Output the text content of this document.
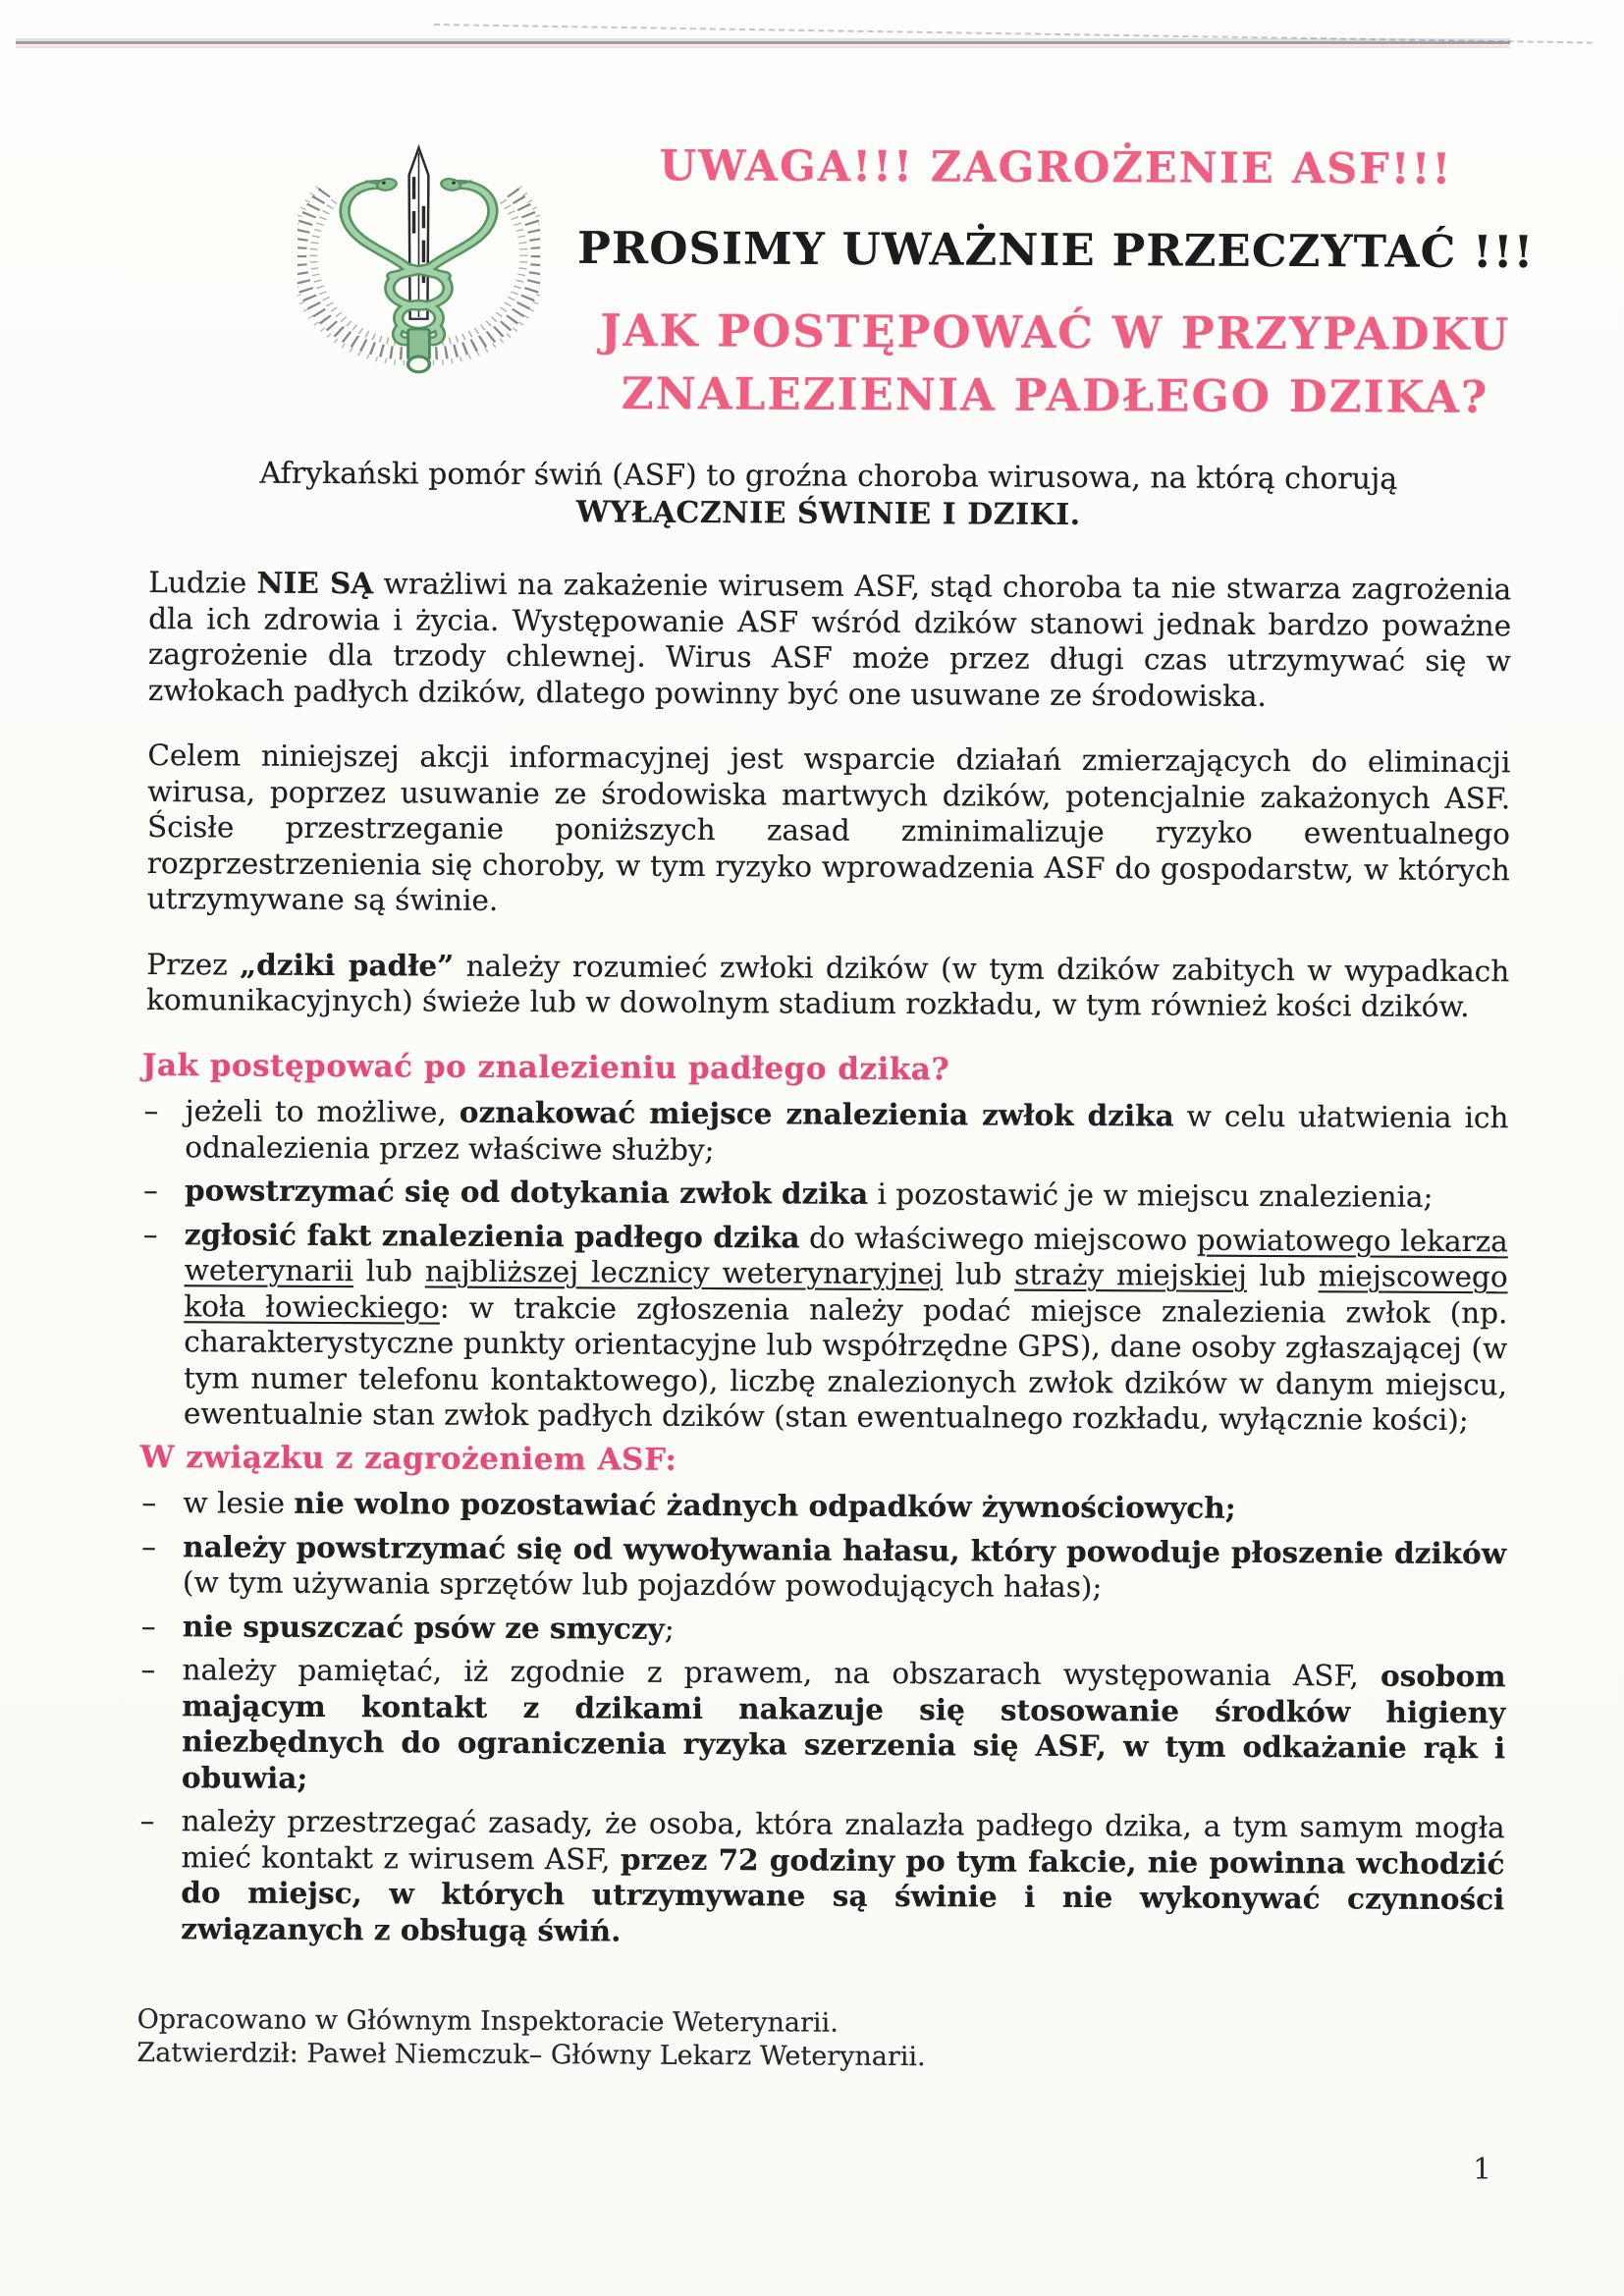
UWAGA!!! ZAGROŻENIE ASF!!!
PROSIMY UWAŻNIE PRZECZYTAĆ !!!
JAK POSTĘPOWAĆ W PRZYPADKU
ZNALEZIENIA PADŁEGO DZIKA?

Afrykański pomór świń (ASF) to groźna choroba wirusowa, na którą chorują
WYŁĄCZNIE ŚWINIE I DZIKI.

Ludzie NIE SĄ wrażliwi na zakażenie wirusem ASF, stąd choroba ta nie stwarza zagrożenia dla ich zdrowia i życia. Występowanie ASF wśród dzików stanowi jednak bardzo poważne zagrożenie dla trzody chlewnej. Wirus ASF może przez długi czas utrzymywać się w zwłokach padłych dzików, dlatego powinny być one usuwane ze środowiska.

Celem niniejszej akcji informacyjnej jest wsparcie działań zmierzających do eliminacji wirusa, poprzez usuwanie ze środowiska martwych dzików, potencjalnie zakażonych ASF. Ścisłe przestrzeganie poniższych zasad zminimalizuje ryzyko ewentualnego rozprzestrzenienia się choroby, w tym ryzyko wprowadzenia ASF do gospodarstw, w których utrzymywane są świnie.

Przez „dziki padłe” należy rozumieć zwłoki dzików (w tym dzików zabitych w wypadkach komunikacyjnych) świeże lub w dowolnym stadium rozkładu, w tym również kości dzików.

Jak postępować po znalezieniu padłego dzika?
– jeżeli to możliwe, oznakować miejsce znalezienia zwłok dzika w celu ułatwienia ich odnalezienia przez właściwe służby;
– powstrzymać się od dotykania zwłok dzika i pozostawić je w miejscu znalezienia;
– zgłosić fakt znalezienia padłego dzika do właściwego miejscowo powiatowego lekarza weterynarii lub najbliższej lecznicy weterynaryjnej lub straży miejskiej lub miejscowego koła łowieckiego: w trakcie zgłoszenia należy podać miejsce znalezienia zwłok (np. charakterystyczne punkty orientacyjne lub współrzędne GPS), dane osoby zgłaszającej (w tym numer telefonu kontaktowego), liczbę znalezionych zwłok dzików w danym miejscu, ewentualnie stan zwłok padłych dzików (stan ewentualnego rozkładu, wyłącznie kości);
W związku z zagrożeniem ASF:
– w lesie nie wolno pozostawiać żadnych odpadków żywnościowych;
– należy powstrzymać się od wywoływania hałasu, który powoduje płoszenie dzików (w tym używania sprzętów lub pojazdów powodujących hałas);
– nie spuszczać psów ze smyczy;
– należy pamiętać, iż zgodnie z prawem, na obszarach występowania ASF, osobom mającym kontakt z dzikami nakazuje się stosowanie środków higieny niezbędnych do ograniczenia ryzyka szerzenia się ASF, w tym odkażanie rąk i obuwia;
– należy przestrzegać zasady, że osoba, która znalazła padłego dzika, a tym samym mogła mieć kontakt z wirusem ASF, przez 72 godziny po tym fakcie, nie powinna wchodzić do miejsc, w których utrzymywane są świnie i nie wykonywać czynności związanych z obsługą świń.
Opracowano w Głównym Inspektoracie Weterynarii.
Zatwierdził: Paweł Niemczuk– Główny Lekarz Weterynarii.
1
